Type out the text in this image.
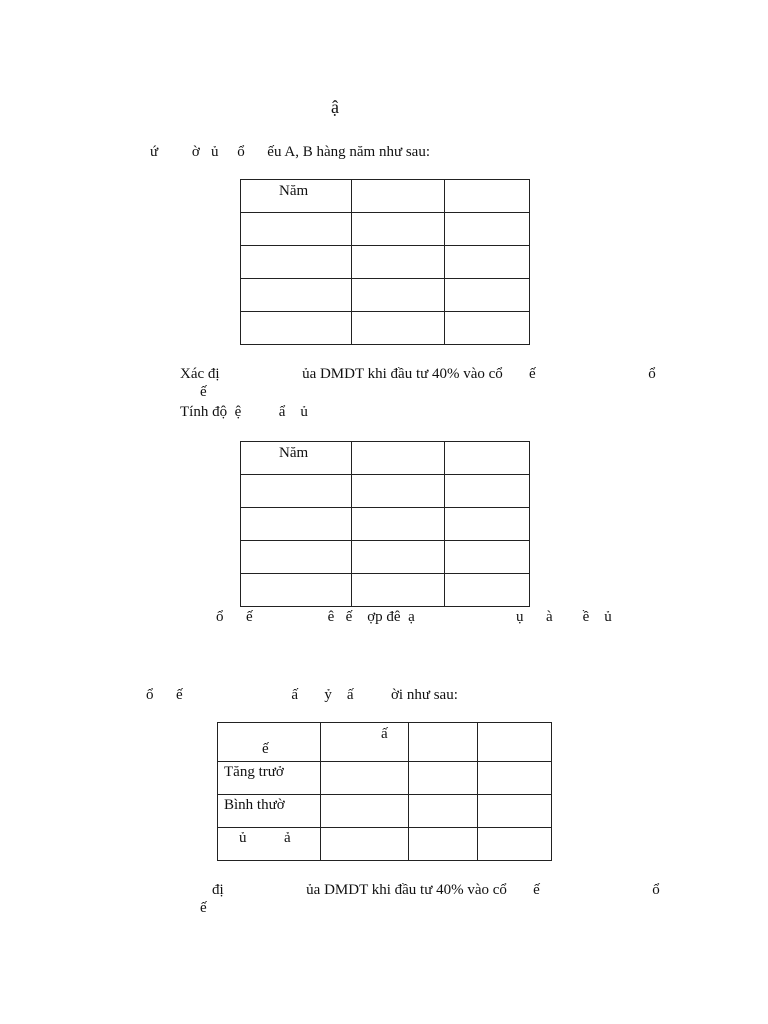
ậ
ứ         ờ   ủ     ổ      ếu A, B hàng năm như sau:
Năm		

Xác đị                      ủa DMDT khi đầu tư 40% vào cổ       ế                              ổ
ế
Tính độ  ệ          ẩ    ủ
Năm		

ổ      ế                    ê   ế    ợp đê  ạ                           ụ      à        ề    ủ
ổ      ế                             ấ       ỷ    ấ          ời như sau:
ế	ấ		

Tăng trưở			

Bình thườ			

ủ          ả			

đị                      ủa DMDT khi đầu tư 40% vào cổ       ế                              ổ
ế
